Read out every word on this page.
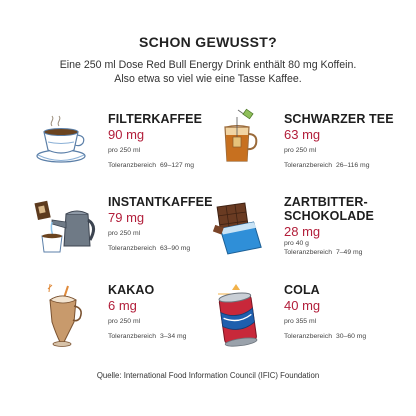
SCHON GEWUSST?
Eine 250 ml Dose Red Bull Energy Drink enthält 80 mg Koffein.
Also etwa so viel wie eine Tasse Kaffee.
FILTERKAFFEE
90 mg
pro 250 ml
Toleranzbereich 69–127 mg
SCHWARZER TEE
63 mg
pro 250 ml
Toleranzbereich 26–116 mg
INSTANTKAFFEE
79 mg
pro 250 ml
Toleranzbereich 63–90 mg
ZARTBITTER-
SCHOKOLADE
28 mg
pro 40 g
Toleranzbereich 7–49 mg
KAKAO
6 mg
pro 250 ml
Toleranzbereich 3–34 mg
COLA
40 mg
pro 355 ml
Toleranzbereich 30–60 mg
Quelle: International Food Information Council (IFIC) Foundation
